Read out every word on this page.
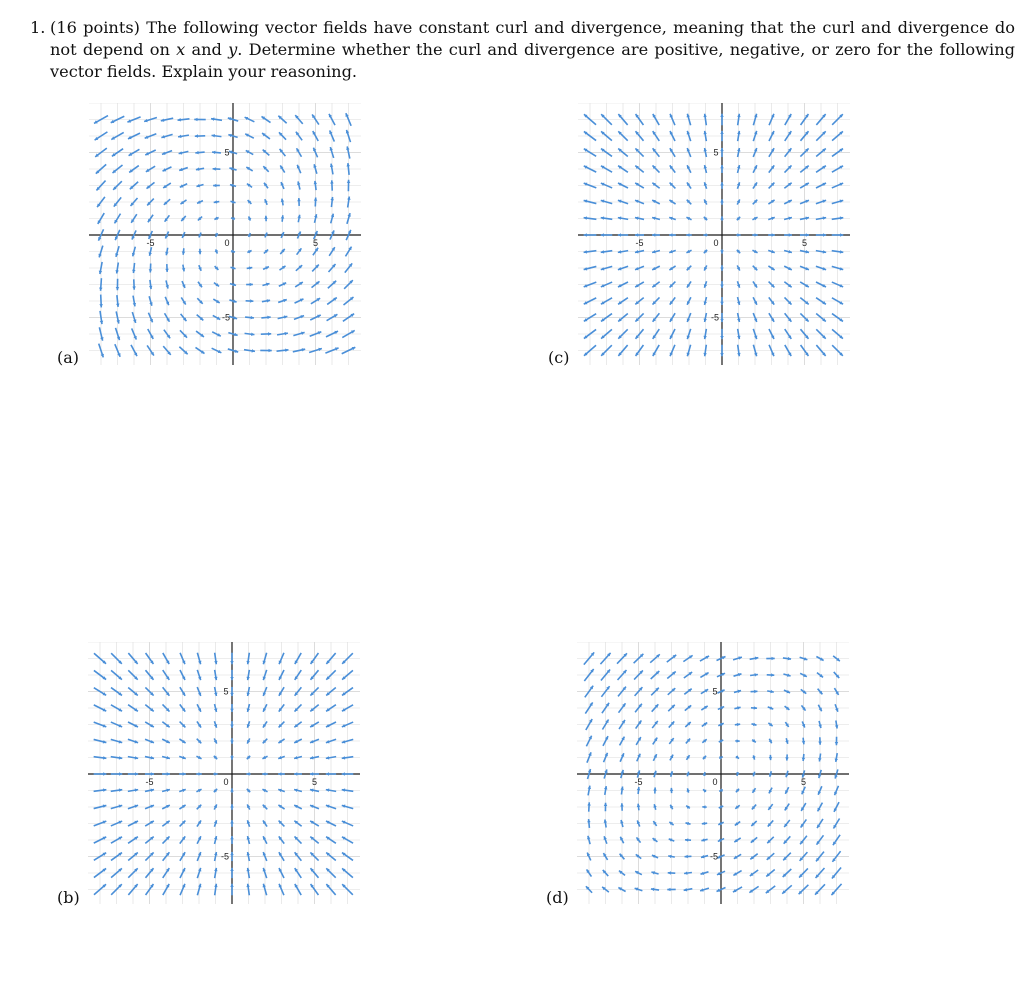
1. (16 points) The following vector fields have constant curl and divergence, meaning that the curl and divergence do not depend on x and y. Determine whether the curl and divergence are positive, negative, or zero for the following vector fields. Explain your reasoning.
(a)
-5	0	5
5
-5
(c)
-5	0	5
5
-5
(b)
-5	0	5
5
-5
(d)
-5	0	5
5
-5
